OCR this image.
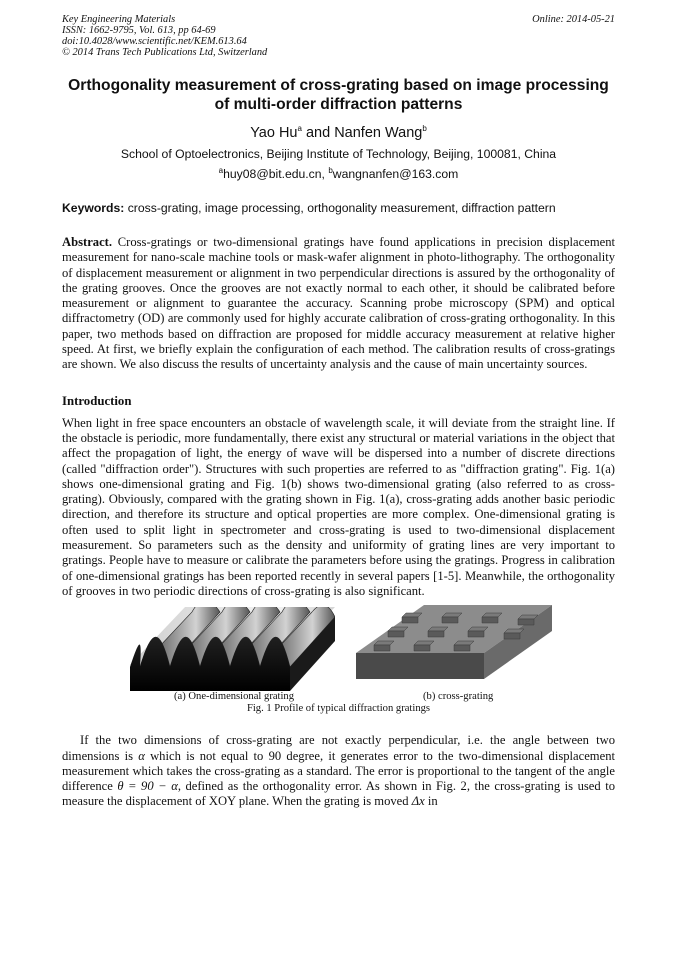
Key Engineering Materials
ISSN: 1662-9795, Vol. 613, pp 64-69
doi:10.4028/www.scientific.net/KEM.613.64
© 2014 Trans Tech Publications Ltd, Switzerland
Online: 2014-05-21
Orthogonality measurement of cross-grating based on image processing of multi-order diffraction patterns
Yao Hu$^a$ and Nanfen Wang$^b$
School of Optoelectronics, Beijing Institute of Technology, Beijing, 100081, China
$^a$huy08@bit.edu.cn, $^b$wangnanfen@163.com
Keywords: cross-grating, image processing, orthogonality measurement, diffraction pattern
Abstract. Cross-gratings or two-dimensional gratings have found applications in precision displacement measurement for nano-scale machine tools or mask-wafer alignment in photo-lithography. The orthogonality of displacement measurement or alignment in two perpendicular directions is assured by the orthogonality of the grating grooves. Once the grooves are not exactly normal to each other, it should be calibrated before measurement or alignment to guarantee the accuracy. Scanning probe microscopy (SPM) and optical diffractometry (OD) are commonly used for highly accurate calibration of cross-grating orthogonality. In this paper, two methods based on diffraction are proposed for middle accuracy measurement at relative higher speed. At first, we briefly explain the configuration of each method. The calibration results of cross-gratings are shown. We also discuss the results of uncertainty analysis and the cause of main uncertainty sources.
Introduction
When light in free space encounters an obstacle of wavelength scale, it will deviate from the straight line. If the obstacle is periodic, more fundamentally, there exist any structural or material variations in the object that affect the propagation of light, the energy of wave will be dispersed into a number of discrete directions (called "diffraction order"). Structures with such properties are referred to as "diffraction grating". Fig. 1(a) shows one-dimensional grating and Fig. 1(b) shows two-dimensional grating (also referred to as cross-grating). Obviously, compared with the grating shown in Fig. 1(a), cross-grating adds another basic periodic direction, and therefore its structure and optical properties are more complex. One-dimensional grating is often used to split light in spectrometer and cross-grating is used to two-dimensional displacement measurement. So parameters such as the density and uniformity of grating lines are very important to gratings. People have to measure or calibrate the parameters before using the gratings. Progress in calibration of one-dimensional gratings has been reported recently in several papers [1-5]. Meanwhile, the orthogonality of grooves in two periodic directions of cross-grating is also significant.
(a) One-dimensional grating	(b) cross-grating
Fig. 1 Profile of typical diffraction gratings
If the two dimensions of cross-grating are not exactly perpendicular, i.e. the angle between two dimensions is α which is not equal to 90 degree, it generates error to the two-dimensional displacement measurement which takes the cross-grating as a standard. The error is proportional to the tangent of the angle difference θ = 90 − α, defined as the orthogonality error. As shown in Fig. 2, the cross-grating is used to measure the displacement of XOY plane. When the grating is moved Δx in
